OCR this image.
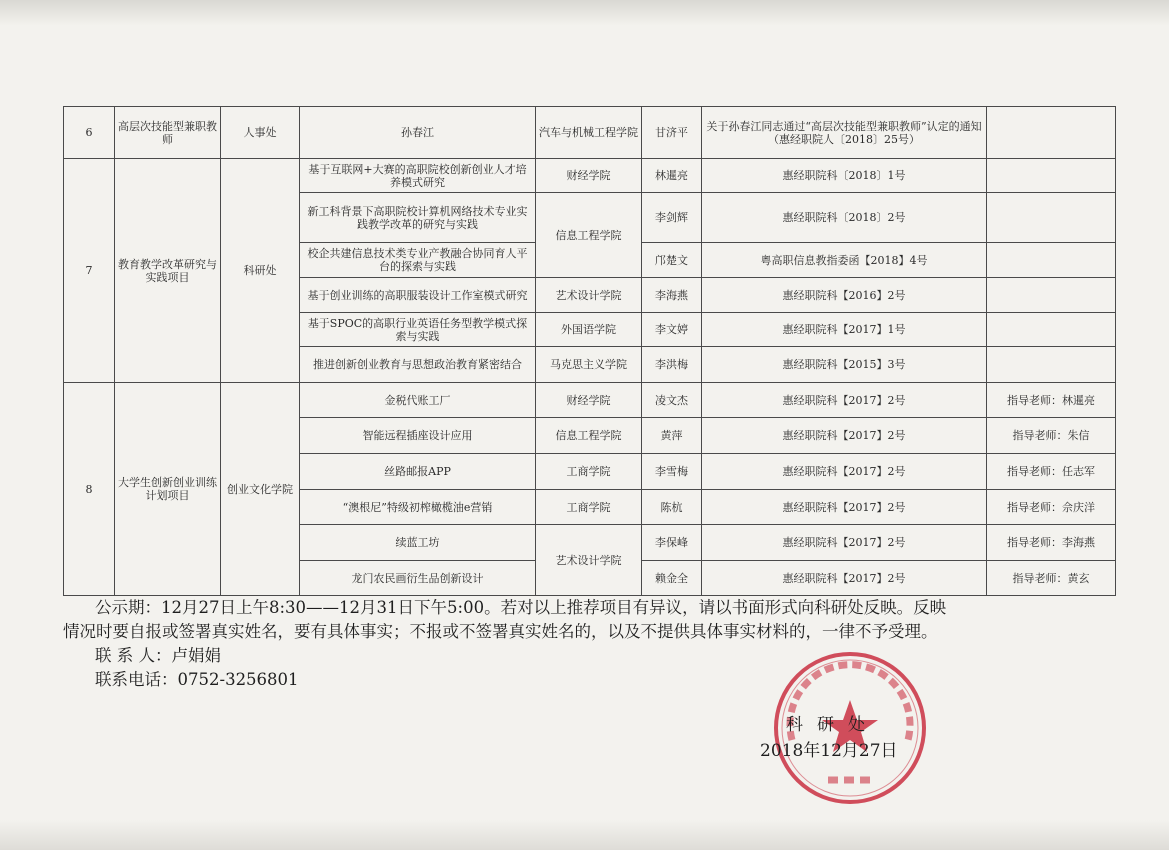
6	高层次技能型兼职教师	人事处	孙春江	汽车与机械工程学院	甘济平	关于孙春江同志通过“高层次技能型兼职教师”认定的通知（惠经职院人〔2018〕25号）	
7	教育教学改革研究与实践项目	科研处	基于互联网+大赛的高职院校创新创业人才培养模式研究	财经学院	林暹亮	惠经职院科〔2018〕1号	
			新工科背景下高职院校计算机网络技术专业实践教学改革的研究与实践	信息工程学院	李剑辉	惠经职院科〔2018〕2号	
			校企共建信息技术类专业产教融合协同育人平台的探索与实践		邝楚文	粤高职信息教指委函【2018】4号	
			基于创业训练的高职服装设计工作室模式研究	艺术设计学院	李海燕	惠经职院科【2016】2号	
			基于SPOC的高职行业英语任务型教学模式探索与实践	外国语学院	李文婷	惠经职院科【2017】1号	
			推进创新创业教育与思想政治教育紧密结合	马克思主义学院	李洪梅	惠经职院科【2015】3号	
8	大学生创新创业训练计划项目	创业文化学院	金税代账工厂	财经学院	凌文杰	惠经职院科【2017】2号	指导老师：林暹亮
			智能远程插座设计应用	信息工程学院	黄萍	惠经职院科【2017】2号	指导老师：朱信
			丝路邮报APP	工商学院	李雪梅	惠经职院科【2017】2号	指导老师：任志军
			“澳根尼”特级初榨橄榄油e营销	工商学院	陈杭	惠经职院科【2017】2号	指导老师：佘庆洋
			续蓝工坊	艺术设计学院	李保峰	惠经职院科【2017】2号	指导老师：李海燕
			龙门农民画衍生品创新设计		赖金全	惠经职院科【2017】2号	指导老师：黄玄

公示期：12月27日上午8:30——12月31日下午5:00。若对以上推荐项目有异议，请以书面形式向科研处反映。反映

情况时要自报或签署真实姓名，要有具体事实；不报或不签署真实姓名的，以及不提供具体事实材料的，一律不予受理。

联 系 人：卢娟娟

联系电话：0752-3256801

科研处
2018年12月27日
